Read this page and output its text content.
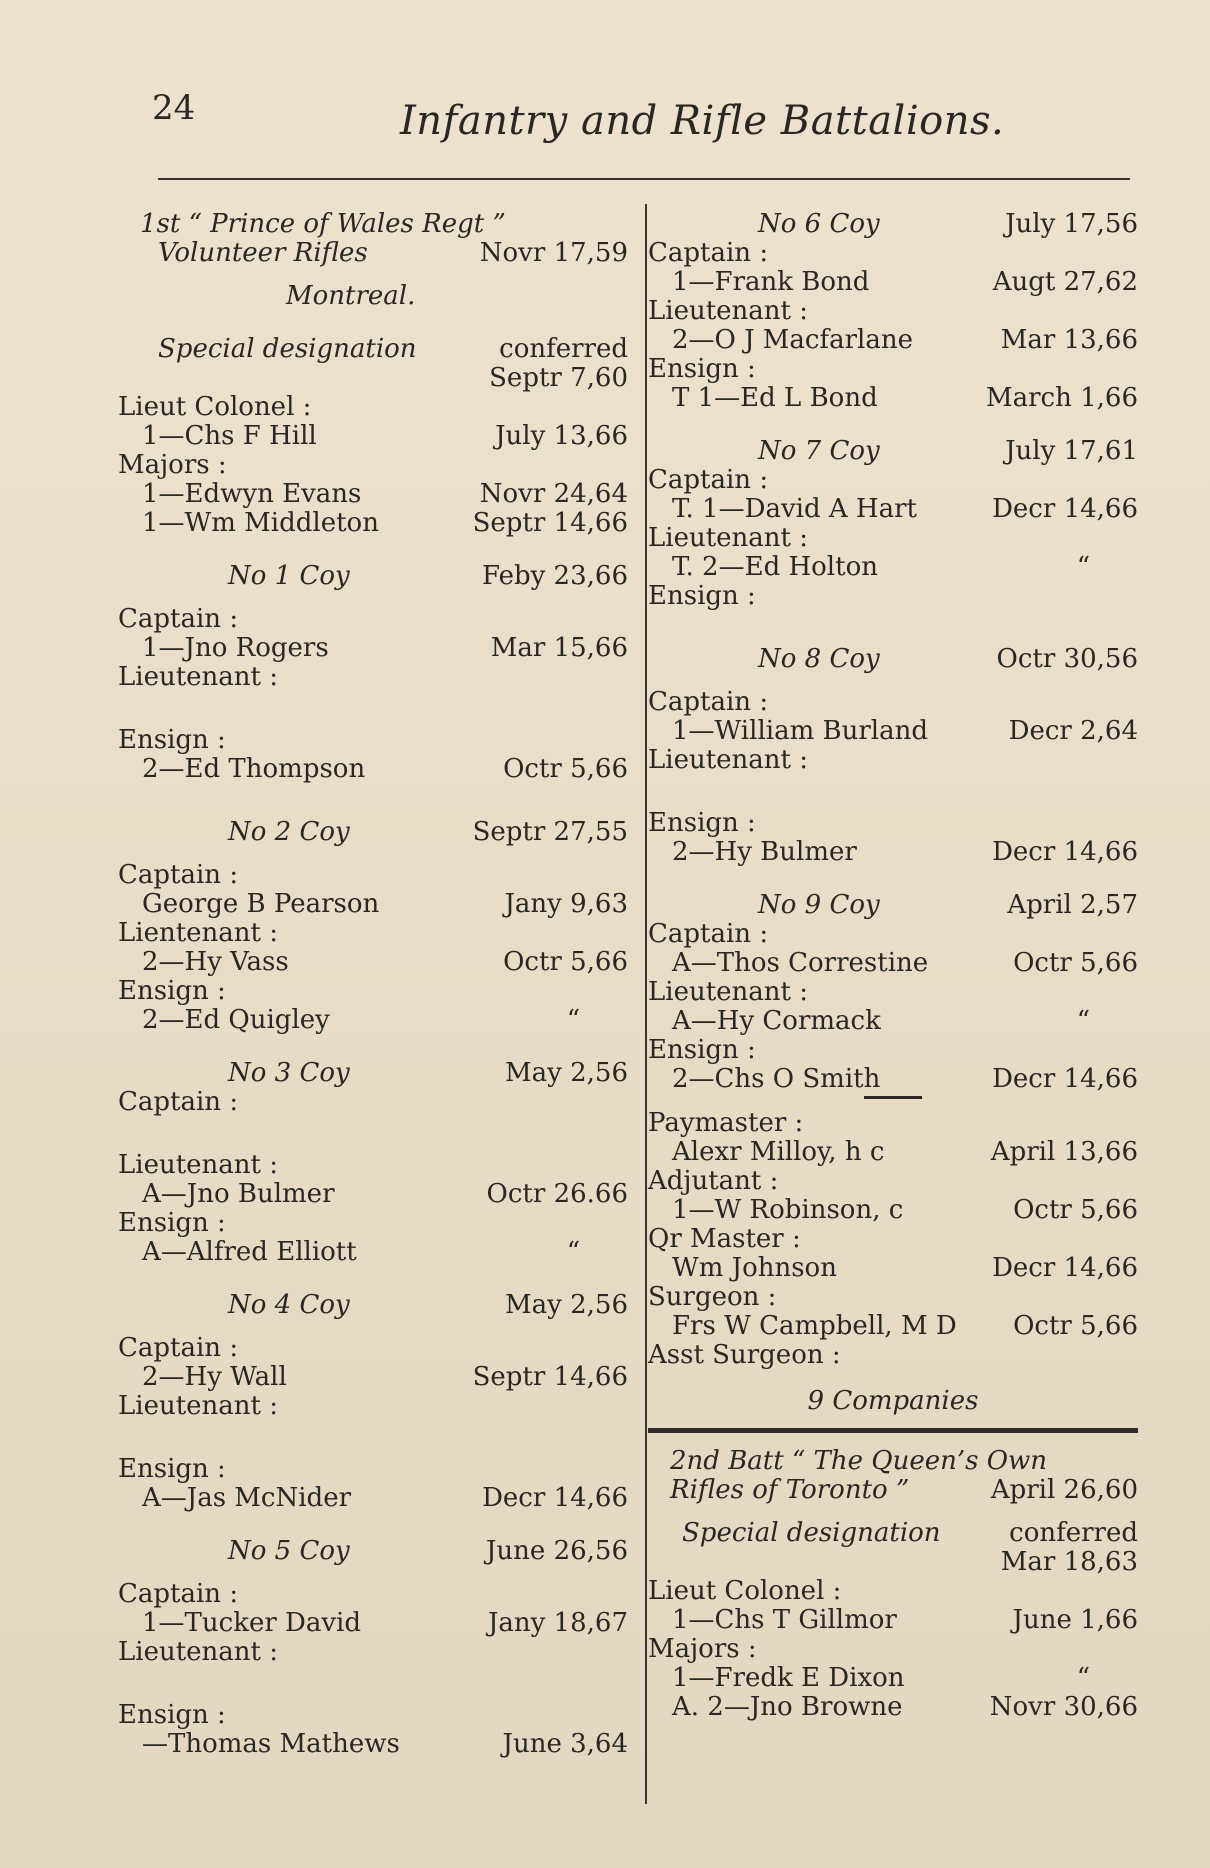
24	Infantry and Rifle Battalions.
1st “ Prince of Wales Regt ”
Volunteer Rifles	Novr 17,59
Montreal.
Special designation	conferred
Septr 7,60
Lieut Colonel :
1—Chs F Hill	July 13,66
Majors :
1—Edwyn Evans	Novr 24,64
1—Wm Middleton	Septr 14,66
No 1 Coy	Feby 23,66
Captain :
1—Jno Rogers	Mar 15,66
Lieutenant :
Ensign :
2—Ed Thompson	Octr 5,66
No 2 Coy	Septr 27,55
Captain :
George B Pearson	Jany 9,63
Lientenant :
2—Hy Vass	Octr 5,66
Ensign :
2—Ed Quigley	“
No 3 Coy	May 2,56
Captain :
Lieutenant :
A—Jno Bulmer	Octr 26.66
Ensign :
A—Alfred Elliott	“
No 4 Coy	May 2,56
Captain :
2—Hy Wall	Septr 14,66
Lieutenant :
Ensign :
A—Jas McNider	Decr 14,66
No 5 Coy	June 26,56
Captain :
1—Tucker David	Jany 18,67
Lieutenant :
Ensign :
—Thomas Mathews	June 3,64
No 6 Coy	July 17,56
Captain :
1—Frank Bond	Augt 27,62
Lieutenant :
2—O J Macfarlane	Mar 13,66
Ensign :
T 1—Ed L Bond	March 1,66
No 7 Coy	July 17,61
Captain :
T. 1—David A Hart	Decr 14,66
Lieutenant :
T. 2—Ed Holton	“
Ensign :
No 8 Coy	Octr 30,56
Captain :
1—William Burland	Decr 2,64
Lieutenant :
Ensign :
2—Hy Bulmer	Decr 14,66
No 9 Coy	April 2,57
Captain :
A—Thos Correstine	Octr 5,66
Lieutenant :
A—Hy Cormack	“
Ensign :
2—Chs O Smith	Decr 14,66
Paymaster :
Alexr Milloy, h c	April 13,66
Adjutant :
1—W Robinson, c	Octr 5,66
Qr Master :
Wm Johnson	Decr 14,66
Surgeon :
Frs W Campbell, M D Octr 5,66
Asst Surgeon :
9 Companies
2nd Batt “ The Queen’s Own
Rifles of Toronto ”	April 26,60
Special designation	conferred
Mar 18,63
Lieut Colonel :
1—Chs T Gillmor	June 1,66
Majors :
1—Fredk E Dixon	“
A. 2—Jno Browne	Novr 30,66
